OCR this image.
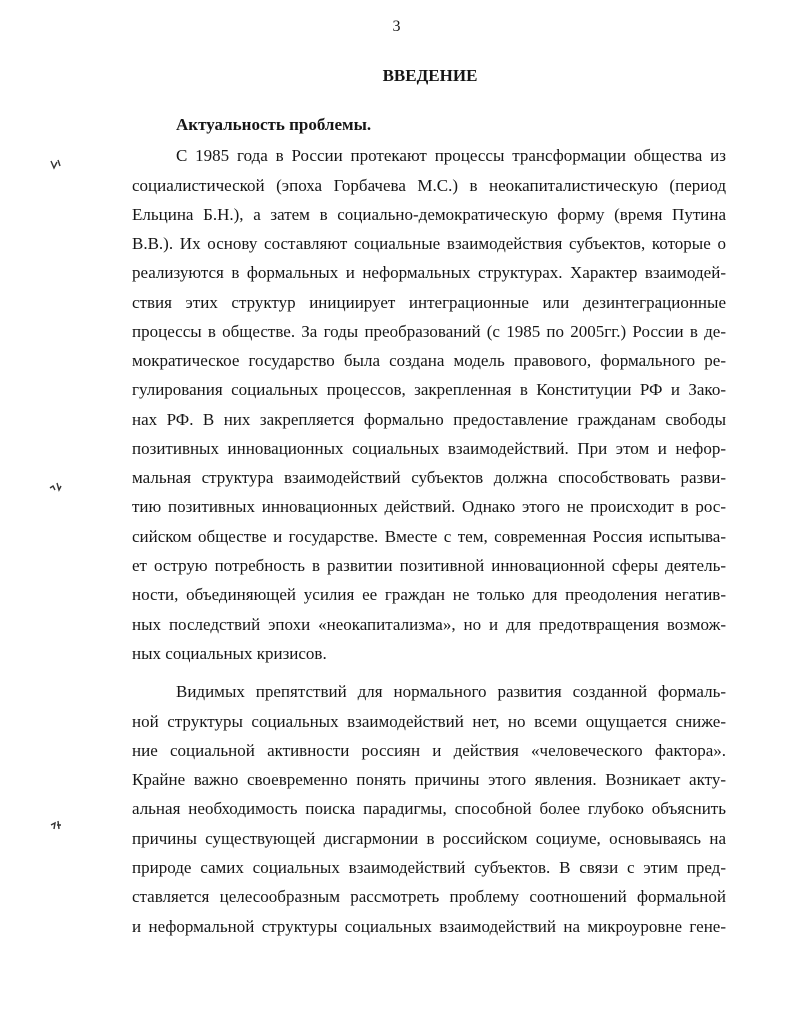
3
ВВЕДЕНИЕ
Актуальность проблемы.
С 1985 года в России протекают процессы трансформации общества из
социалистической (эпоха Горбачева М.С.) в неокапиталистическую (период
Ельцина Б.Н.), а затем в социально-демократическую форму (время Путина
В.В.). Их основу составляют социальные взаимодействия субъектов, которые о
реализуются в формальных и неформальных структурах. Характер взаимодей-
ствия этих структур инициирует интеграционные или дезинтеграционные
процессы в обществе. За годы преобразований (с 1985 по 2005гг.) России в де-
мократическое государство была создана модель правового, формального ре-
гулирования социальных процессов, закрепленная в Конституции РФ и Зако-
нах РФ. В них закрепляется формально предоставление гражданам свободы
позитивных инновационных социальных взаимодействий. При этом и нефор-
мальная структура взаимодействий субъектов должна способствовать разви-
тию позитивных инновационных действий. Однако этого не происходит в рос-
сийском обществе и государстве. Вместе с тем, современная Россия испытыва-
ет острую потребность в развитии позитивной инновационной сферы деятель-
ности, объединяющей усилия ее граждан не только для преодоления негатив-
ных последствий эпохи «неокапитализма», но и для предотвращения возмож-
ных социальных кризисов.
Видимых препятствий для нормального развития созданной формаль-
ной структуры социальных взаимодействий нет, но всеми ощущается сниже-
ние социальной активности россиян и действия «человеческого фактора».
Крайне важно своевременно понять причины этого явления. Возникает акту-
альная необходимость поиска парадигмы, способной более глубоко объяснить
причины существующей дисгармонии в российском социуме, основываясь на
природе самих социальных взаимодействий субъектов. В связи с этим пред-
ставляется целесообразным рассмотреть проблему соотношений формальной
и неформальной структуры социальных взаимодействий на микроуровне гене-
